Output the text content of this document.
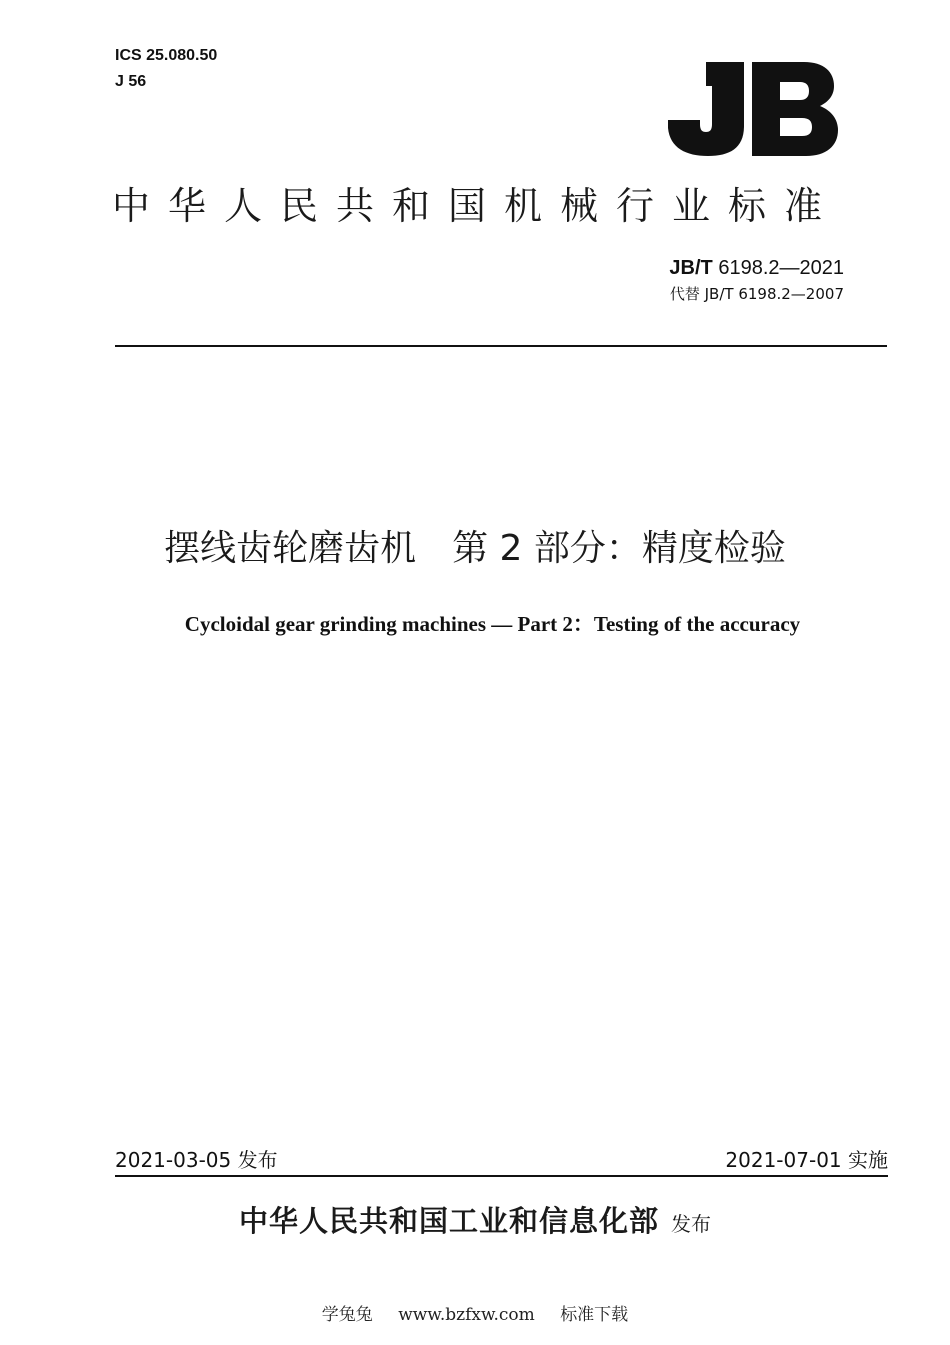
ICS 25.080.50
J 56
中华人民共和国机械行业标准
JB/T 6198.2—2021
代替 JB/T 6198.2—2007
摆线齿轮磨齿机　第 2 部分：精度检验
Cycloidal gear grinding machines — Part 2：Testing of the accuracy
2021-03-05 发布	2021-07-01 实施
中华人民共和国工业和信息化部 发布
学兔兔 www.bzfxw.com 标准下载
